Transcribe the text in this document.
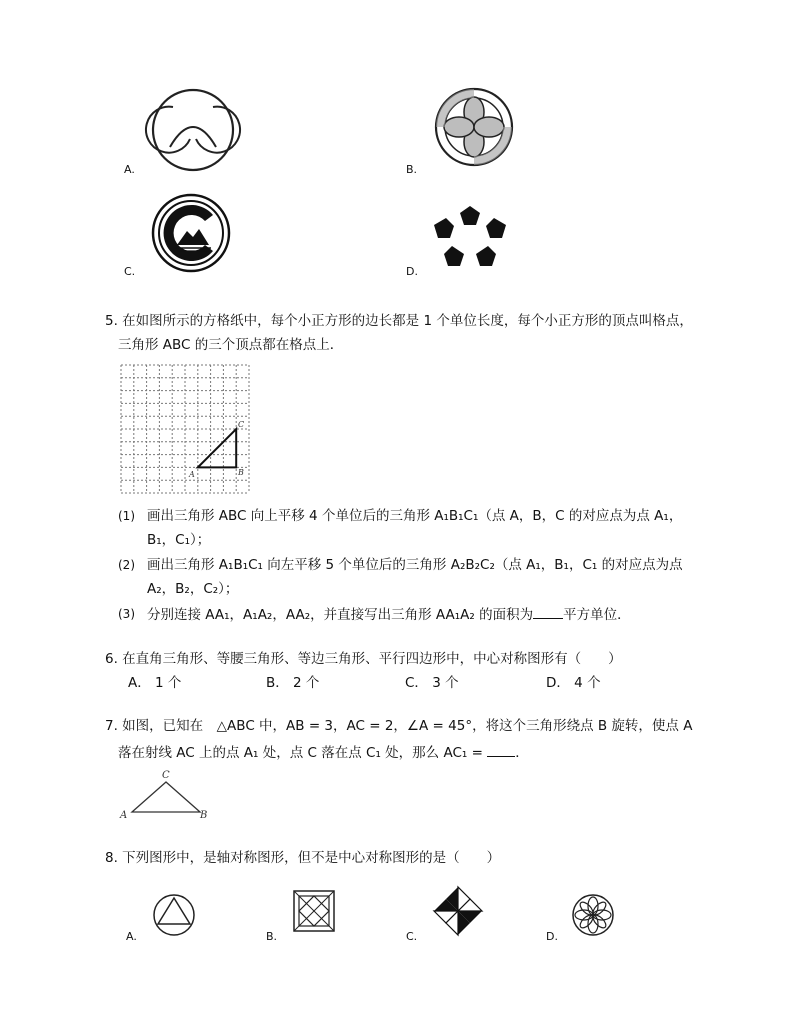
A.	B.
C.	D.
5. 在如图所示的方格纸中，每个小正方形的边长都是 1 个单位长度，每个小正方形的顶点叫格点，
三角形 ABC 的三个顶点都在格点上．
A	B
C
(1) 画出三角形 ABC 向上平移 4 个单位后的三角形 A₁B₁C₁（点 A，B，C 的对应点为点 A₁，
B₁，C₁）；
(2) 画出三角形 A₁B₁C₁ 向左平移 5 个单位后的三角形 A₂B₂C₂（点 A₁，B₁，C₁ 的对应点为点
A₂，B₂，C₂）；
(3) 分别连接 AA₁，A₁A₂，AA₂，并直接写出三角形 AA₁A₂ 的面积为 平方单位．
6. 在直角三角形、等腰三角形、等边三角形、平行四边形中，中心对称图形有（　　）
A． 1 个	B． 2 个	C． 3 个	D． 4 个
7. 如图，已知在　△ABC 中，AB = 3，AC = 2，∠A = 45°，将这个三角形绕点 B 旋转，使点 A
落在射线 AC 上的点 A₁ 处，点 C 落在点 C₁ 处，那么 AC₁ = ．
A	B
C
8. 下列图形中，是轴对称图形，但不是中心对称图形的是（　　）
A.	B.	C.	D.
